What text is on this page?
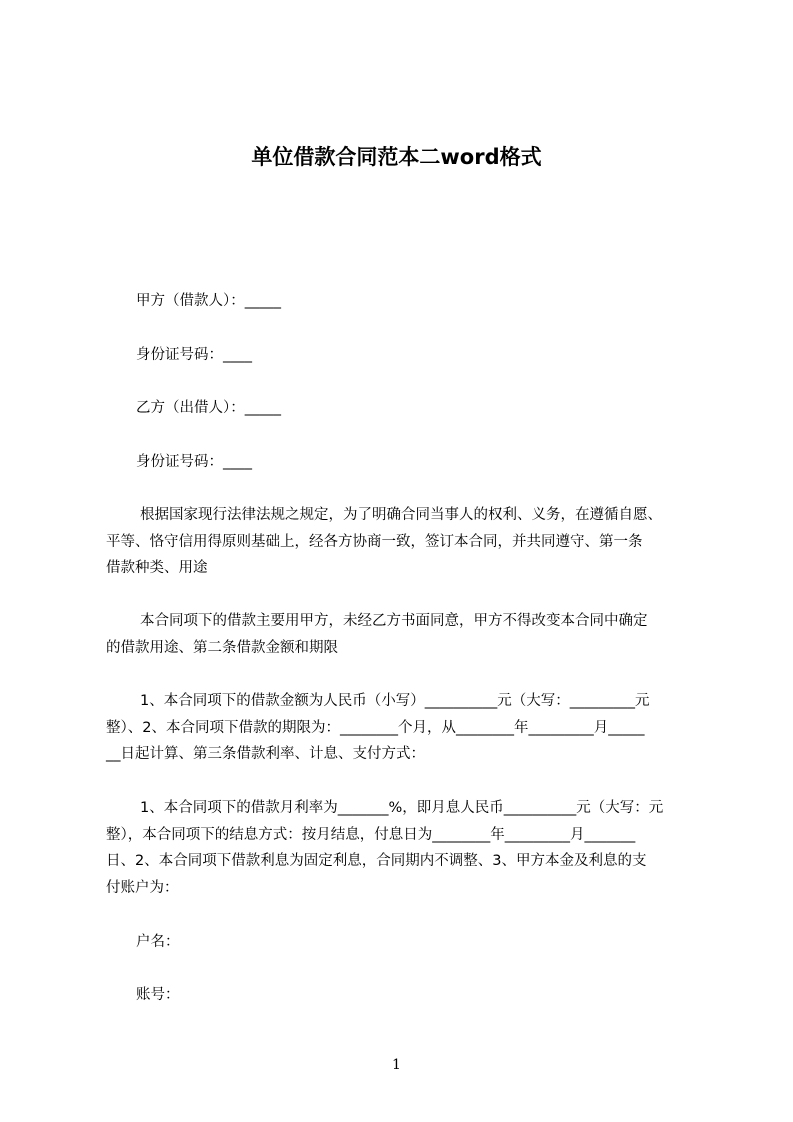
单位借款合同范本二word格式
甲方（借款人）：_____
身份证号码：____
乙方（出借人）：_____
身份证号码：____
根据国家现行法律法规之规定，为了明确合同当事人的权利、义务，在遵循自愿、
平等、恪守信用得原则基础上，经各方协商一致，签订本合同，并共同遵守、第一条
借款种类、用途
本合同项下的借款主要用甲方，未经乙方书面同意，甲方不得改变本合同中确定
的借款用途、第二条借款金额和期限
1、本合同项下的借款金额为人民币（小写）__________元（大写：_________元
整）、2、本合同项下借款的期限为：________个月，从________年_________月_____
__日起计算、第三条借款利率、计息、支付方式：
1、本合同项下的借款月利率为_______%，即月息人民币__________元（大写：元
整），本合同项下的结息方式：按月结息，付息日为________年_________月_______
日、2、本合同项下借款利息为固定利息，合同期内不调整、3、甲方本金及利息的支
付账户为：
户名：
账号：
1
